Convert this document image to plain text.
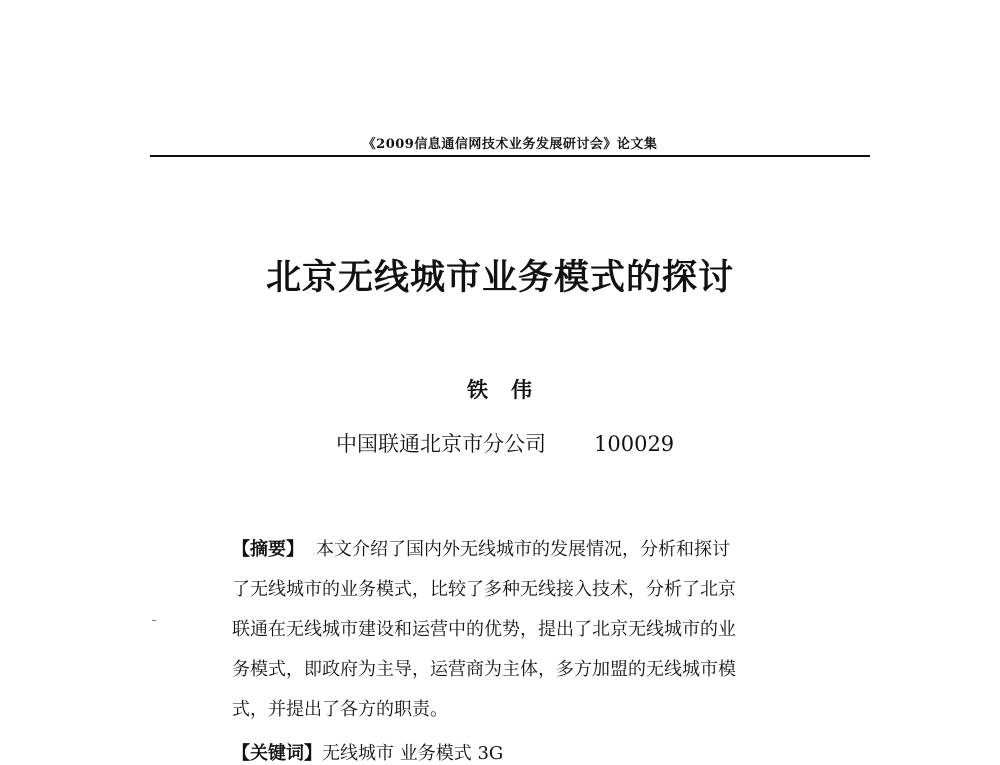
《2009信息通信网技术业务发展研讨会》论文集
北京无线城市业务模式的探讨
铁　伟
中国联通北京市分公司 100029
【摘要】 本文介绍了国内外无线城市的发展情况，分析和探讨
了无线城市的业务模式，比较了多种无线接入技术，分析了北京
联通在无线城市建设和运营中的优势，提出了北京无线城市的业
务模式，即政府为主导，运营商为主体，多方加盟的无线城市模
式，并提出了各方的职责。
【关键词】无线城市 业务模式 3G
